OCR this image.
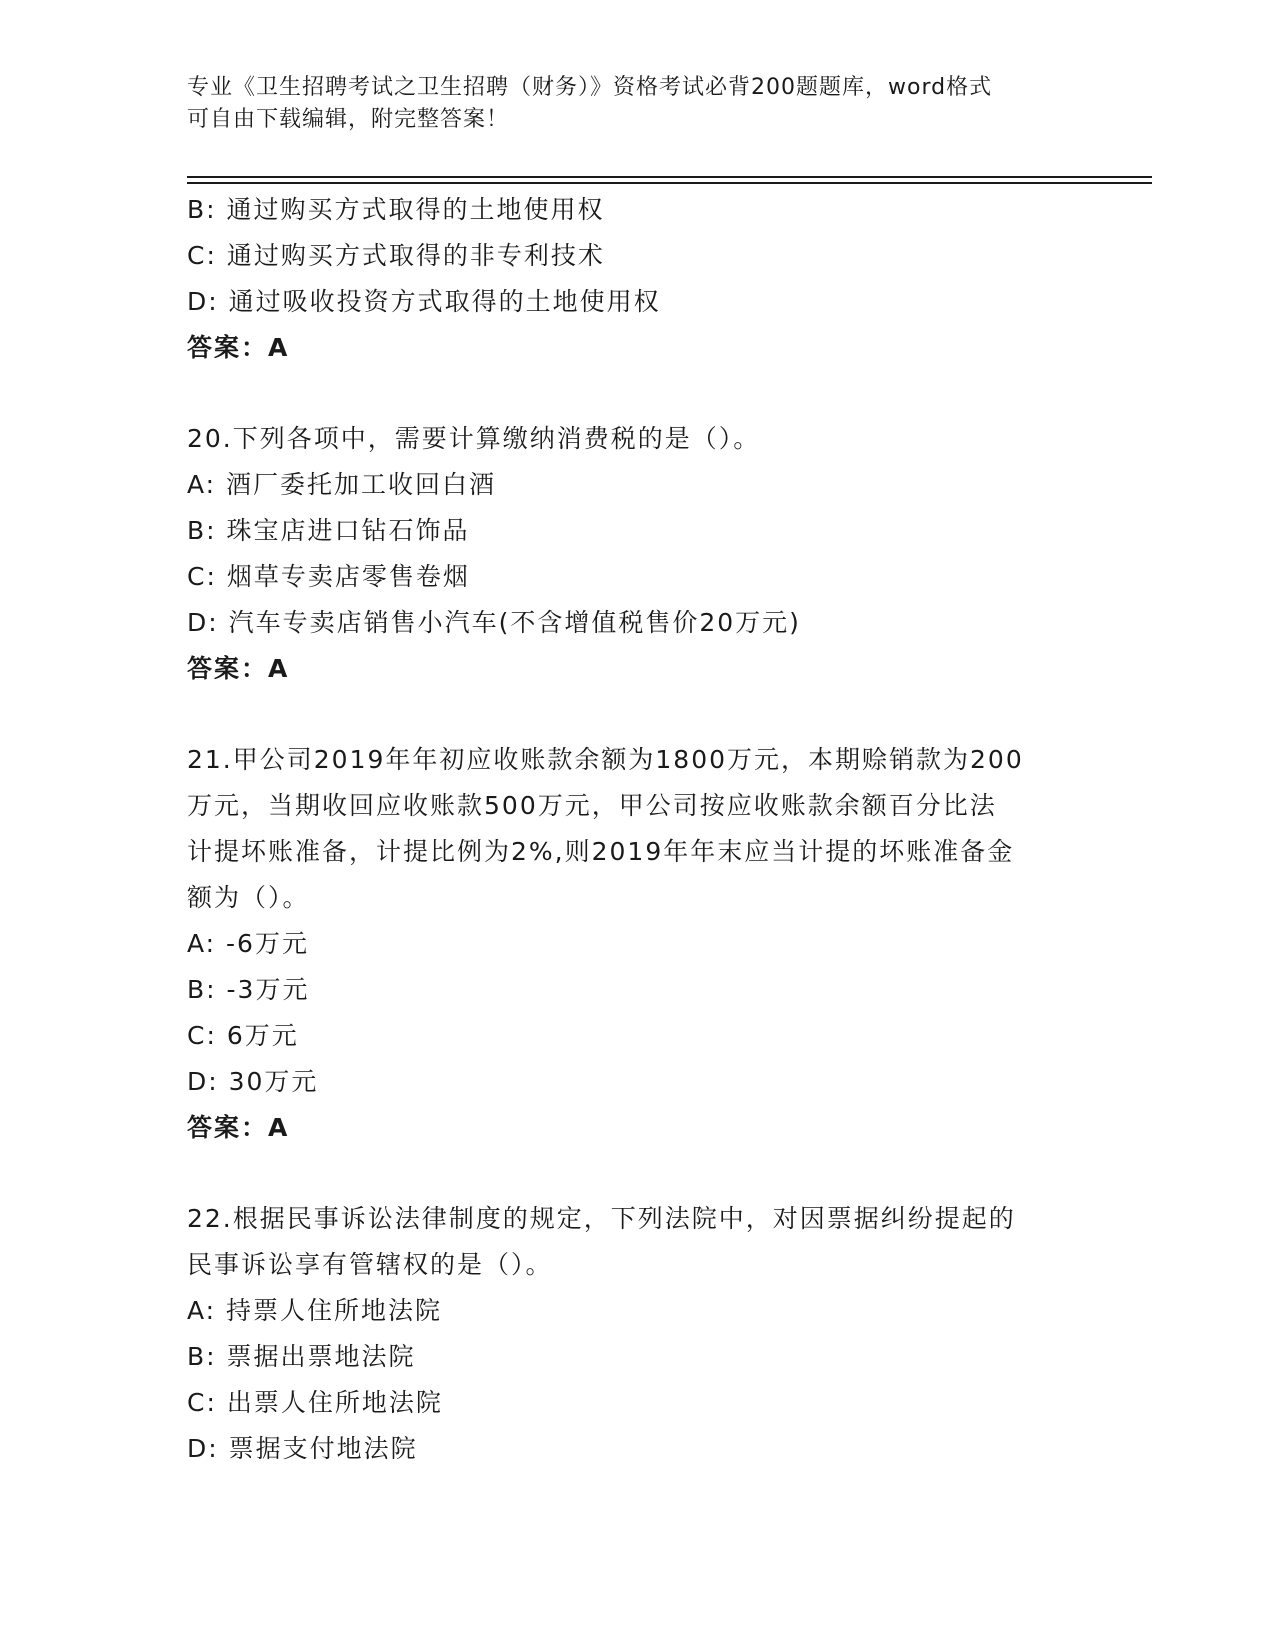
专业《卫生招聘考试之卫生招聘（财务）》资格考试必背200题题库，word格式
可自由下载编辑，附完整答案！
B: 通过购买方式取得的土地使用权
C: 通过购买方式取得的非专利技术
D: 通过吸收投资方式取得的土地使用权
答案：A
20.下列各项中，需要计算缴纳消费税的是（）。
A: 酒厂委托加工收回白酒
B: 珠宝店进口钻石饰品
C: 烟草专卖店零售卷烟
D: 汽车专卖店销售小汽车(不含增值税售价20万元)
答案：A
21.甲公司2019年年初应收账款余额为1800万元，本期赊销款为200
万元，当期收回应收账款500万元，甲公司按应收账款余额百分比法
计提坏账准备，计提比例为2%,则2019年年末应当计提的坏账准备金
额为（）。
A: -6万元
B: -3万元
C: 6万元
D: 30万元
答案：A
22.根据民事诉讼法律制度的规定，下列法院中，对因票据纠纷提起的
民事诉讼享有管辖权的是（）。
A: 持票人住所地法院
B: 票据出票地法院
C: 出票人住所地法院
D: 票据支付地法院
